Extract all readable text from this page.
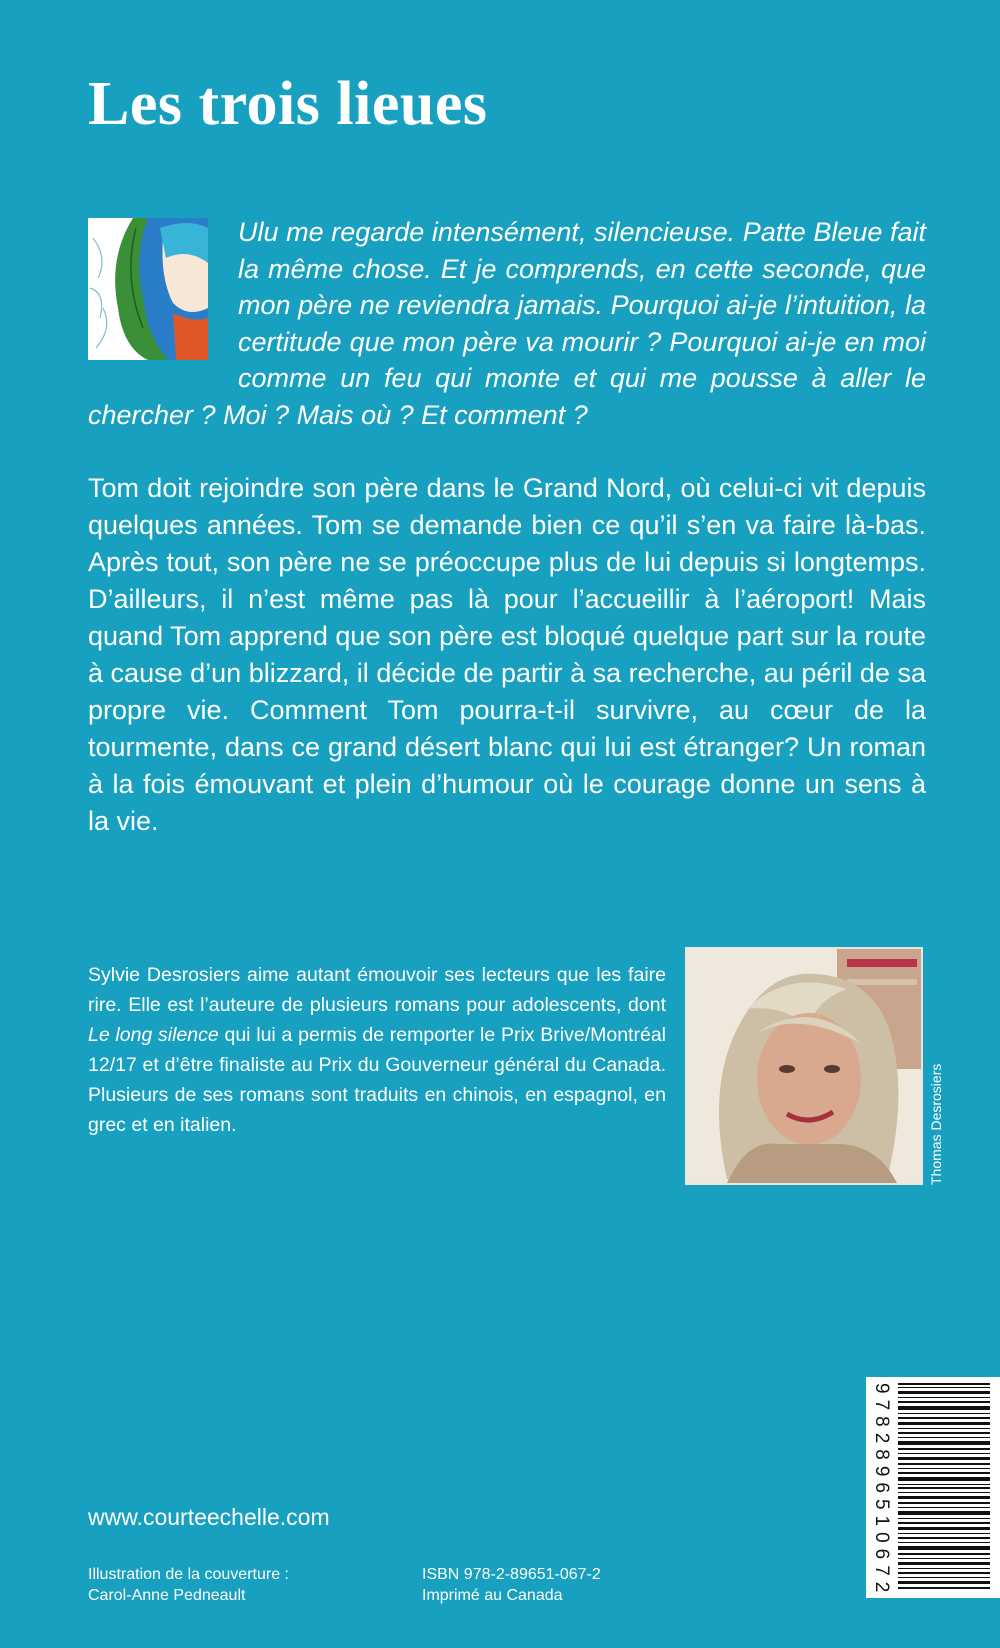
Les trois lieues
Ulu me regarde intensément, silencieuse. Patte Bleue fait la même chose. Et je comprends, en cette seconde, que mon père ne reviendra jamais. Pourquoi ai-je l’intuition, la certitude que mon père va mourir ? Pourquoi ai-je en moi comme un feu qui monte et qui me pousse à aller le chercher ? Moi ? Mais où ? Et comment ?

Tom doit rejoindre son père dans le Grand Nord, où celui-ci vit depuis quelques années. Tom se demande bien ce qu’il s’en va faire là-bas. Après tout, son père ne se préoccupe plus de lui depuis si longtemps. D’ailleurs, il n’est même pas là pour l’accueillir à l’aéroport! Mais quand Tom apprend que son père est bloqué quelque part sur la route à cause d’un blizzard, il décide de partir à sa recherche, au péril de sa propre vie. Comment Tom pourra-t-il survivre, au cœur de la tourmente, dans ce grand désert blanc qui lui est étranger? Un roman à la fois émouvant et plein d’humour où le courage donne un sens à la vie.

Sylvie Desrosiers aime autant émouvoir ses lecteurs que les faire rire. Elle est l’auteure de plusieurs romans pour adolescents, dont Le long silence qui lui a permis de remporter le Prix Brive/Montréal 12/17 et d’être finaliste au Prix du Gouverneur général du Canada. Plusieurs de ses romans sont traduits en chinois, en espagnol, en grec et en italien.	Thomas Desrosiers
9782896510672

www.courteechelle.com

Illustration de la couverture :
Carol-Anne Pedneault

ISBN 978-2-89651-067-2
Imprimé au Canada
